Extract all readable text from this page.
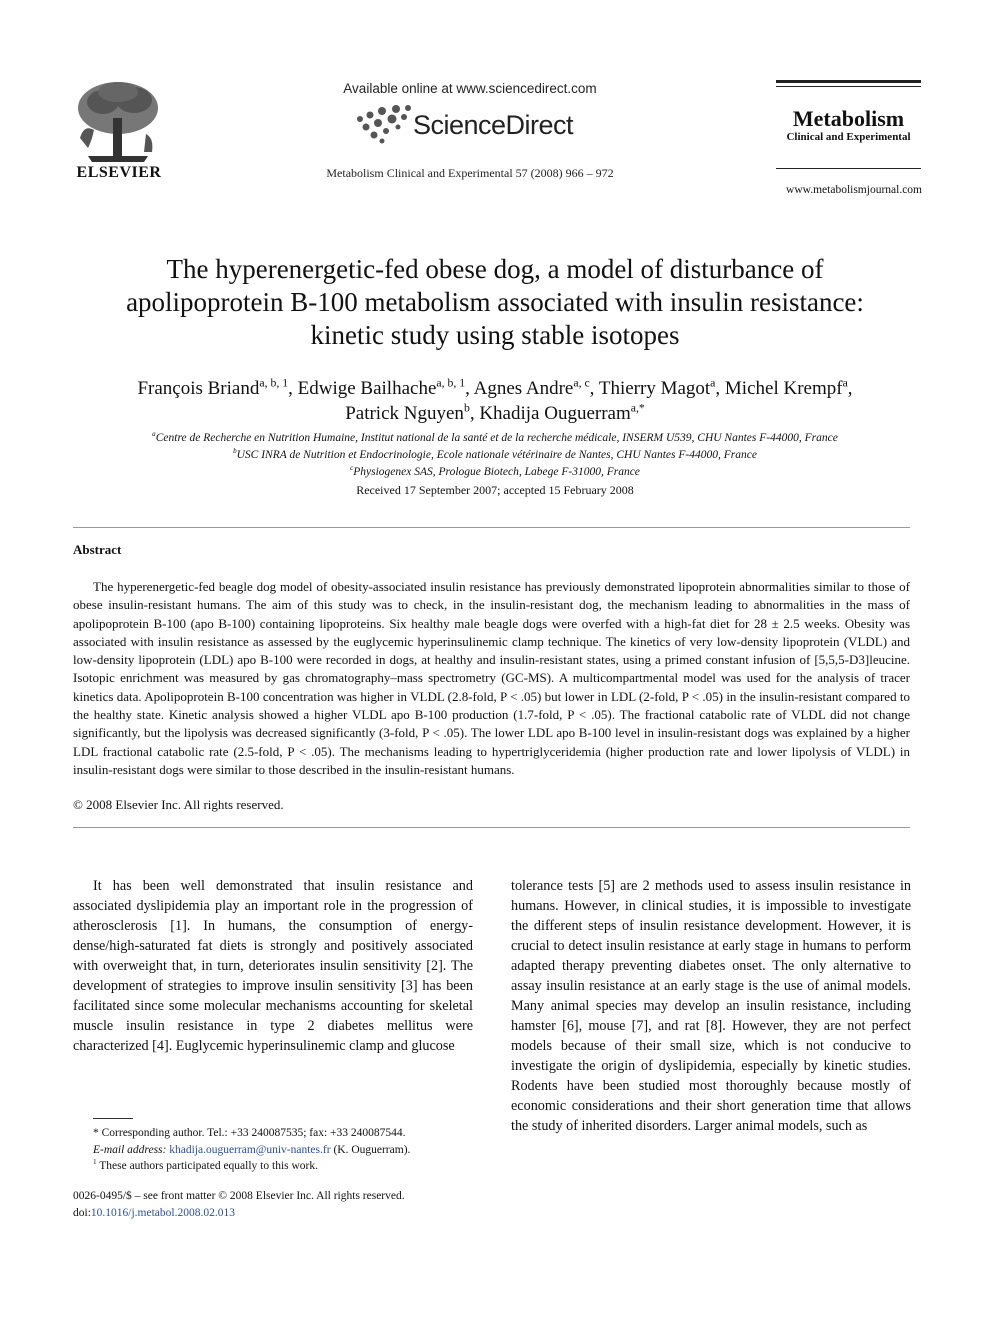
ELSEVIER
Available online at www.sciencedirect.com
ScienceDirect
Metabolism Clinical and Experimental 57 (2008) 966 – 972
Metabolism
Clinical and Experimental
www.metabolismjournal.com
The hyperenergetic-fed obese dog, a model of disturbance of
apolipoprotein B-100 metabolism associated with insulin resistance:
kinetic study using stable isotopes
François Briand$^{a, b, 1}$, Edwige Bailhache$^{a, b, 1}$, Agnes Andre$^{a, c}$, Thierry Magot$^a$, Michel Krempf$^a$,
Patrick Nguyen$^b$, Khadija Ouguerram$^{a,*}$
$^a$Centre de Recherche en Nutrition Humaine, Institut national de la santé et de la recherche médicale, INSERM U539, CHU Nantes F-44000, France
$^b$USC INRA de Nutrition et Endocrinologie, Ecole nationale vétérinaire de Nantes, CHU Nantes F-44000, France
$^c$Physiogenex SAS, Prologue Biotech, Labege F-31000, France
Received 17 September 2007; accepted 15 February 2008
Abstract
The hyperenergetic-fed beagle dog model of obesity-associated insulin resistance has previously demonstrated lipoprotein abnormalities similar to those of obese insulin-resistant humans. The aim of this study was to check, in the insulin-resistant dog, the mechanism leading to abnormalities in the mass of apolipoprotein B-100 (apo B-100) containing lipoproteins. Six healthy male beagle dogs were overfed with a high-fat diet for 28 ± 2.5 weeks. Obesity was associated with insulin resistance as assessed by the euglycemic hyperinsulinemic clamp technique. The kinetics of very low-density lipoprotein (VLDL) and low-density lipoprotein (LDL) apo B-100 were recorded in dogs, at healthy and insulin-resistant states, using a primed constant infusion of [5,5,5-D3]leucine. Isotopic enrichment was measured by gas chromatography–mass spectrometry (GC-MS). A multicompartmental model was used for the analysis of tracer kinetics data. Apolipoprotein B-100 concentration was higher in VLDL (2.8-fold, P < .05) but lower in LDL (2-fold, P < .05) in the insulin-resistant compared to the healthy state. Kinetic analysis showed a higher VLDL apo B-100 production (1.7-fold, P < .05). The fractional catabolic rate of VLDL did not change significantly, but the lipolysis was decreased significantly (3-fold, P < .05). The lower LDL apo B-100 level in insulin-resistant dogs was explained by a higher LDL fractional catabolic rate (2.5-fold, P < .05). The mechanisms leading to hypertriglyceridemia (higher production rate and lower lipolysis of VLDL) in insulin-resistant dogs were similar to those described in the insulin-resistant humans.
© 2008 Elsevier Inc. All rights reserved.
It has been well demonstrated that insulin resistance and associated dyslipidemia play an important role in the progression of atherosclerosis [1]. In humans, the consumption of energy-dense/high-saturated fat diets is strongly and positively associated with overweight that, in turn, deteriorates insulin sensitivity [2]. The development of strategies to improve insulin sensitivity [3] has been facilitated since some molecular mechanisms accounting for skeletal muscle insulin resistance in type 2 diabetes mellitus were characterized [4]. Euglycemic hyperinsulinemic clamp and glucose
tolerance tests [5] are 2 methods used to assess insulin resistance in humans. However, in clinical studies, it is impossible to investigate the different steps of insulin resistance development. However, it is crucial to detect insulin resistance at early stage in humans to perform adapted therapy preventing diabetes onset. The only alternative to assay insulin resistance at an early stage is the use of animal models. Many animal species may develop an insulin resistance, including hamster [6], mouse [7], and rat [8]. However, they are not perfect models because of their small size, which is not conducive to investigate the origin of dyslipidemia, especially by kinetic studies. Rodents have been studied most thoroughly because mostly of economic considerations and their short generation time that allows the study of inherited disorders. Larger animal models, such as
* Corresponding author. Tel.: +33 240087535; fax: +33 240087544.
E-mail address: khadija.ouguerram@univ-nantes.fr (K. Ouguerram).
$^1$ These authors participated equally to this work.
0026-0495/$ – see front matter © 2008 Elsevier Inc. All rights reserved.
doi:10.1016/j.metabol.2008.02.013
